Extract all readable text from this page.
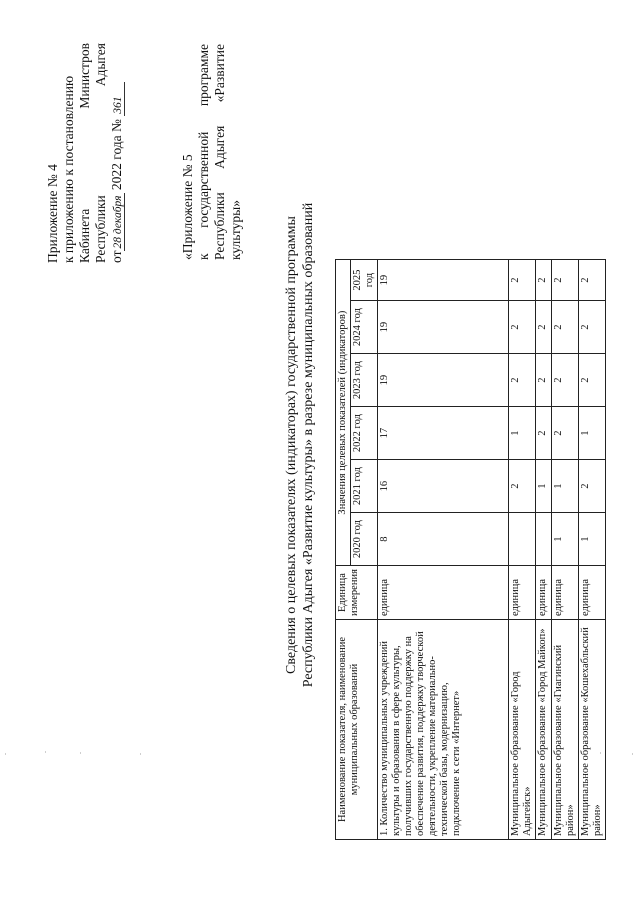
Приложение № 4 к приложению к постановлению Кабинета
Министров
Республики
Адыгея
от28 декабря 2022 года № 361
«Приложение № 5 к
государственной
программе
Республики
Адыгея
«Развитие
культуры»	Сведения о целевых показателях (индикаторах) государственной программы Республики Адыгея «Развитие культуры» в разрезе муниципальных образований
Наименование показателя, наименование муниципальных образований	Единица измерения	Значения целевых показателей (индикаторов)					
		2020 год	2021 год	2022 год	2023 год	2024 год	2025 год
1. Количество муниципальных учреждений культуры и образования в сфере культуры, получивших государственную поддержку на обеспечение развития, поддержку творческой деятельности, укрепление материально-технической базы, модернизацию, подключение к сети «Интернет»	единица	8	16	17	19	19	19
Муниципальное образование «Город Адыгейск»	единица		2	1	2	2	2
Муниципальное образование «Город Майкоп»	единица		1	2	2	2	2
Муниципальное образование «Гиагинский район»	единица	1	1	2	2	2	2
Муниципальное образование «Кошехабльский район»	единица	1	2	1	2	2	2
